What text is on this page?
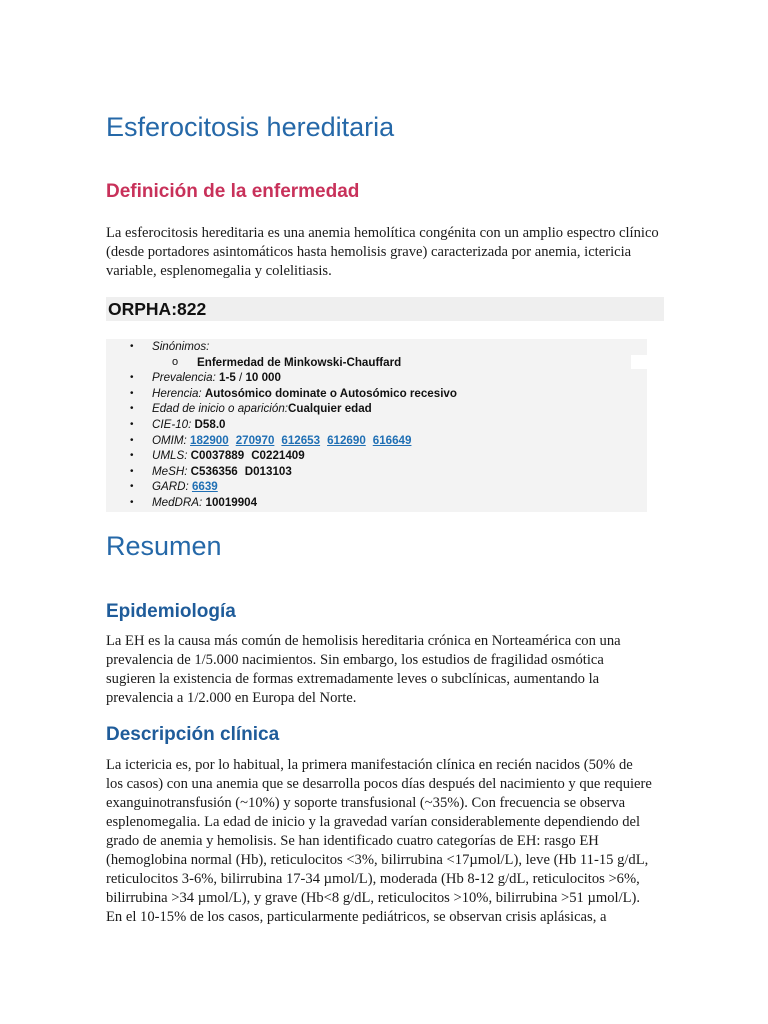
Esferocitosis hereditaria
Definición de la enfermedad

La esferocitosis hereditaria es una anemia hemolítica congénita con un amplio espectro clínico (desde portadores asintomáticos hasta hemolisis grave) caracterizada por anemia, ictericia variable, esplenomegalia y colelitiasis.

ORPHA:822
• Sinónimos:
o Enfermedad de Minkowski-Chauffard
• Prevalencia: 1-5 / 10 000
• Herencia: Autosómico dominate o Autosómico recesivo
• Edad de inicio o aparición:Cualquier edad
• CIE-10: D58.0
• OMIM: 182900 270970 612653 612690 616649
• UMLS: C0037889 C0221409
• MeSH: C536356 D013103
• GARD: 6639
• MedDRA: 10019904
Resumen
Epidemiología
La EH es la causa más común de hemolisis hereditaria crónica en Norteamérica con una
prevalencia de 1/5.000 nacimientos. Sin embargo, los estudios de fragilidad osmótica
sugieren la existencia de formas extremadamente leves o subclínicas, aumentando la
prevalencia a 1/2.000 en Europa del Norte.
Descripción clínica
La ictericia es, por lo habitual, la primera manifestación clínica en recién nacidos (50% de
los casos) con una anemia que se desarrolla pocos días después del nacimiento y que requiere
exanguinotransfusión (~10%) y soporte transfusional (~35%). Con frecuencia se observa
esplenomegalia. La edad de inicio y la gravedad varían considerablemente dependiendo del
grado de anemia y hemolisis. Se han identificado cuatro categorías de EH: rasgo EH
(hemoglobina normal (Hb), reticulocitos <3%, bilirrubina <17µmol/L), leve (Hb 11-15 g/dL,
reticulocitos 3-6%, bilirrubina 17-34 µmol/L), moderada (Hb 8-12 g/dL, reticulocitos >6%,
bilirrubina >34 µmol/L), y grave (Hb<8 g/dL, reticulocitos >10%, bilirrubina >51 µmol/L).
En el 10-15% de los casos, particularmente pediátricos, se observan crisis aplásicas, a
